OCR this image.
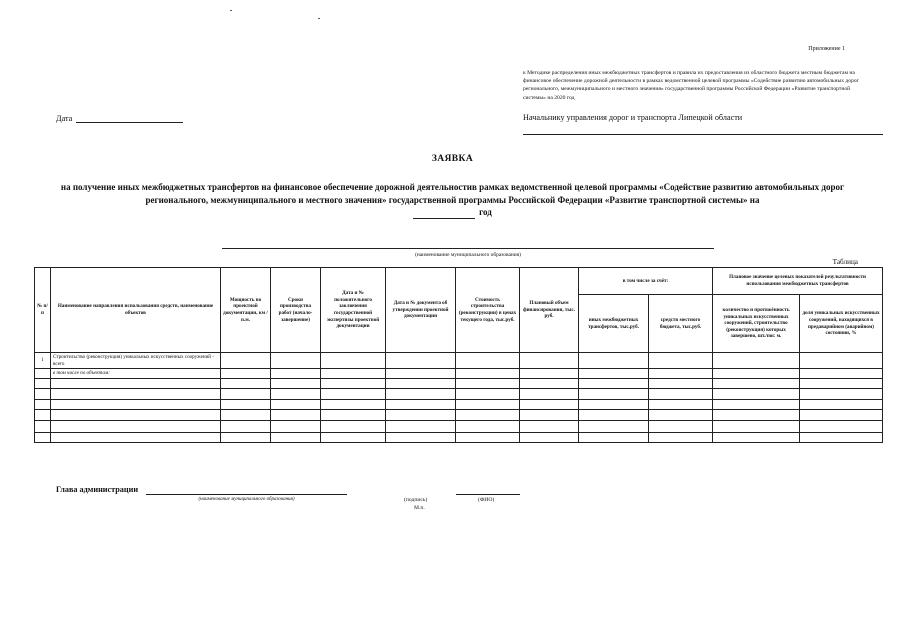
Приложение 1
к Методике распределения иных межбюджетных трансфертов и правила их предоставления из областного бюджета местным бюджетам на финансовое обеспечение дорожной деятельности в рамках ведомственной целевой программы «Содействие развитию автомобильных дорог регионального, межмуниципального и местного значения» государственной программы Российской Федерации «Развитие транспортной системы» на 2020 год
Дата	Начальнику управления дорог и транспорта Липецкой области
ЗАЯВКА
на получение иных межбюджетных трансфертов на финансовое обеспечение дорожной деятельностив рамках ведомственной целевой программы «Содействие развитию автомобильных дорог регионального, межмуниципального и местного значения» государственной программы Российской Федерации «Развитие транспортной системы» на
год
(наименование муниципального образования)
Таблица
№ п/п	Наименование направления использования средств, наименование объектов	Мощность по проектной документации, км / п.м.	Сроки производства работ (начало-завершение)	Дата и № положительного заключения государственной экспертизы проектной документации	Дата и № документа об утверждении проектной документации	Стоимость строительства (реконструкции) в ценах текущего года, тыс.руб.	Плановый объем финансирования, тыс. руб.	в том числе за счёт:		Плановое значение целевых показателей результативности использования межбюджетных трансфертов	
								иных межбюджетных трансфертов, тыс.руб.	средств местного бюджета, тыс.руб.	количество и протяжённость уникальных искусственных сооружений, строительство (реконструкция) которых завершено, шт./пог. м.	доля уникальных искусственных сооружений, находящихся в предаварийном (аварийном) состоянии, %
1	Строительство (реконструкция) уникальных искусственных сооружений - всего										
	в том числе по объектам:										

Глава администрации
(наименование муниципального образования)	(подпись)
М.п.
(ФИО)
